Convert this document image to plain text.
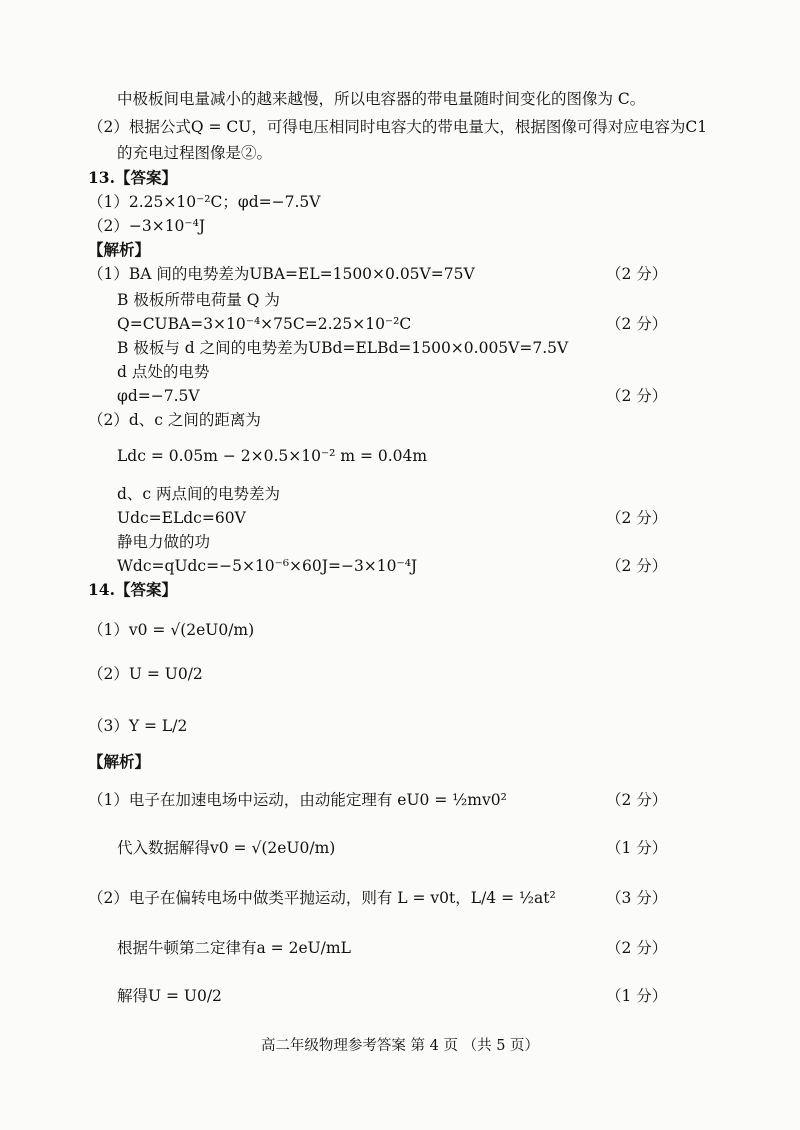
中极板间电量减小的越来越慢，所以电容器的带电量随时间变化的图像为 C。
（2）根据公式Q = CU，可得电压相同时电容大的带电量大，根据图像可得对应电容为C1
的充电过程图像是②。
13.【答案】
（1）2.25×10⁻²C；φd=−7.5V
（2）−3×10⁻⁴J
【解析】
（1）BA 间的电势差为UBA=EL=1500×0.05V=75V	（2 分）
B 极板所带电荷量 Q 为
Q=CUBA=3×10⁻⁴×75C=2.25×10⁻²C	（2 分）
B 极板与 d 之间的电势差为UBd=ELBd=1500×0.005V=7.5V
d 点处的电势
φd=−7.5V	（2 分）
（2）d、c 之间的距离为
Ldc = 0.05m − 2×0.5×10⁻² m = 0.04m
d、c 两点间的电势差为
Udc=ELdc=60V	（2 分）
静电力做的功
Wdc=qUdc=−5×10⁻⁶×60J=−3×10⁻⁴J	（2 分）
14.【答案】
（1）v0 = √(2eU0/m)
（2）U = U0/2
（3）Y = L/2
【解析】
（1）电子在加速电场中运动，由动能定理有 eU0 = ½mv0²	（2 分）
代入数据解得v0 = √(2eU0/m)	（1 分）
（2）电子在偏转电场中做类平抛运动，则有 L = v0t，L/4 = ½at²	（3 分）
根据牛顿第二定律有a = 2eU/mL	（2 分）
解得U = U0/2	（1 分）
高二年级物理参考答案 第 4 页 （共 5 页）
